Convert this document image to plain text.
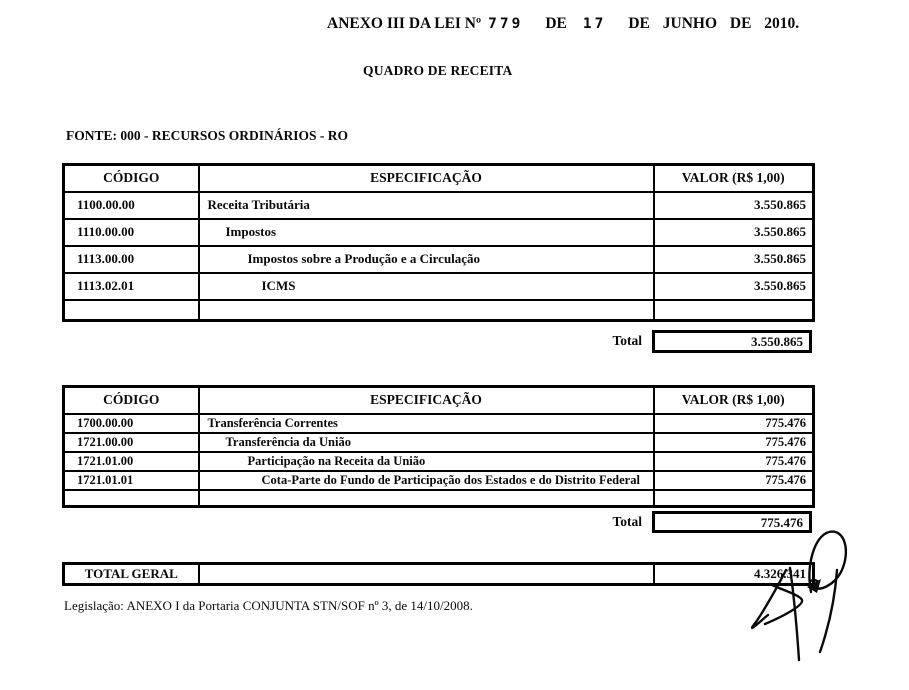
ANEXO III DA LEI Nº 779 DE 17 DE JUNHO DE 2010.
QUADRO DE RECEITA
FONTE: 000 - RECURSOS ORDINÁRIOS - RO
CÓDIGO	ESPECIFICAÇÃO	VALOR (R$ 1,00)
1100.00.00	Receita Tributária	3.550.865
1110.00.00	Impostos	3.550.865
1113.00.00	Impostos sobre a Produção e a Circulação	3.550.865
1113.02.01	ICMS	3.550.865

Total	3.550.865
CÓDIGO	ESPECIFICAÇÃO	VALOR (R$ 1,00)
1700.00.00	Transferência Correntes	775.476
1721.00.00	Transferência da União	775.476
1721.01.00	Participação na Receita da União	775.476
1721.01.01	Cota-Parte do Fundo de Participação dos Estados e do Distrito Federal	775.476

Total	775.476
TOTAL GERAL		4.326.341
Legislação: ANEXO I da Portaria CONJUNTA STN/SOF nº 3, de 14/10/2008.
